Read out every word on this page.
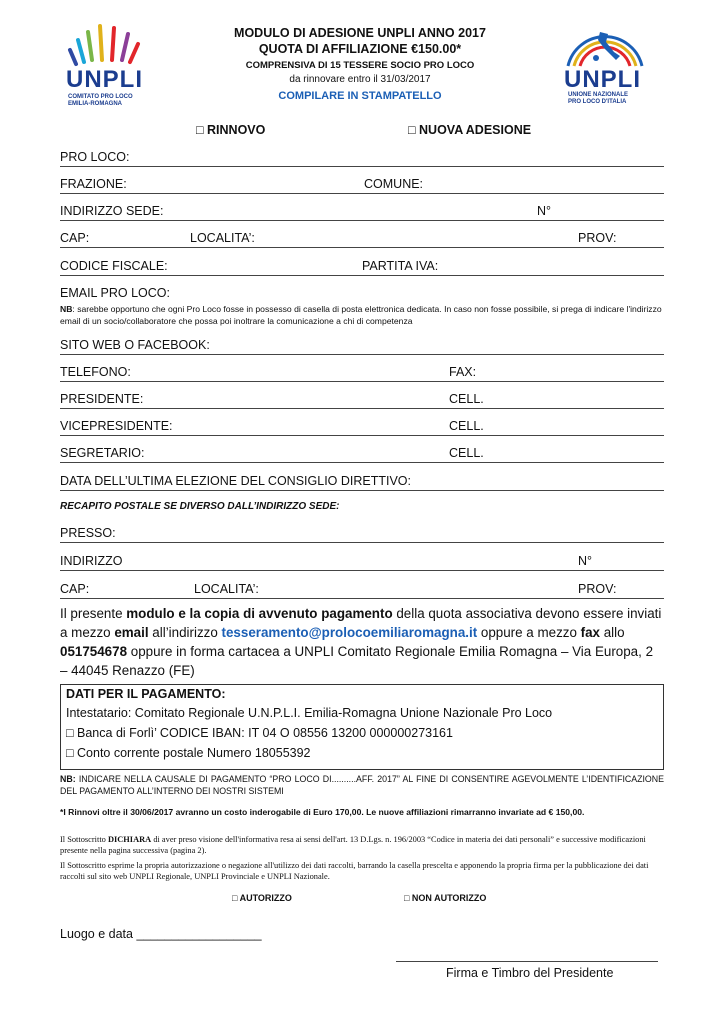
UNPLI
COMITATO PRO LOCO
EMILIA-ROMAGNA
MODULO DI ADESIONE UNPLI ANNO 2017
QUOTA DI AFFILIAZIONE €150.00*
COMPRENSIVA DI 15 TESSERE SOCIO PRO LOCO
da rinnovare entro il 31/03/2017
COMPILARE IN STAMPATELLO
UNPLI
UNIONE NAZIONALE
PRO LOCO D'ITALIA
□ RINNOVO	□ NUOVA ADESIONE
PRO LOCO:
FRAZIONE:	COMUNE:
INDIRIZZO SEDE:	N°
CAP:	LOCALITA’:	PROV:
CODICE FISCALE:	PARTITA IVA:
EMAIL PRO LOCO:
NB: sarebbe opportuno che ogni Pro Loco fosse in possesso di casella di posta elettronica dedicata. In caso non fosse possibile, si prega di indicare l'indirizzo email di un socio/collaboratore che possa poi inoltrare la comunicazione a chi di competenza
SITO WEB O FACEBOOK:
TELEFONO:	FAX:
PRESIDENTE:	CELL.
VICEPRESIDENTE:	CELL.
SEGRETARIO:	CELL.
DATA DELL’ULTIMA ELEZIONE DEL CONSIGLIO DIRETTIVO:
RECAPITO POSTALE SE DIVERSO DALL’INDIRIZZO SEDE:
PRESSO:
INDIRIZZO	N°
CAP:	LOCALITA’:	PROV:
Il presente modulo e la copia di avvenuto pagamento della quota associativa devono essere inviati a mezzo email all’indirizzo tesseramento@prolocoemiliaromagna.it oppure a mezzo fax allo 051754678 oppure in forma cartacea a UNPLI Comitato Regionale Emilia Romagna – Via Europa, 2 – 44045 Renazzo (FE)
DATI PER IL PAGAMENTO:
Intestatario: Comitato Regionale U.N.P.L.I. Emilia-Romagna Unione Nazionale Pro Loco
□ Banca di Forlì’ CODICE IBAN: IT 04 O 08556 13200 000000273161
□ Conto corrente postale Numero 18055392
NB: INDICARE NELLA CAUSALE DI PAGAMENTO “PRO LOCO DI..........AFF. 2017” AL FINE DI CONSENTIRE AGEVOLMENTE L’IDENTIFICAZIONE DEL PAGAMENTO ALL’INTERNO DEI NOSTRI SISTEMI
*I Rinnovi oltre il 30/06/2017 avranno un costo inderogabile di Euro 170,00. Le nuove affiliazioni rimarranno invariate ad € 150,00.
Il Sottoscritto DICHIARA di aver preso visione dell'informativa resa ai sensi dell'art. 13 D.Lgs. n. 196/2003 “Codice in materia dei dati personali” e successive modificazioni presente nella pagina successiva (pagina 2).
Il Sottoscritto esprime la propria autorizzazione o negazione all'utilizzo dei dati raccolti, barrando la casella prescelta e apponendo la propria firma per la pubblicazione dei dati raccolti sul sito web UNPLI Regionale, UNPLI Provinciale e UNPLI Nazionale.
□ AUTORIZZO	□ NON AUTORIZZO
Luogo e data __________________
Firma e Timbro del Presidente
